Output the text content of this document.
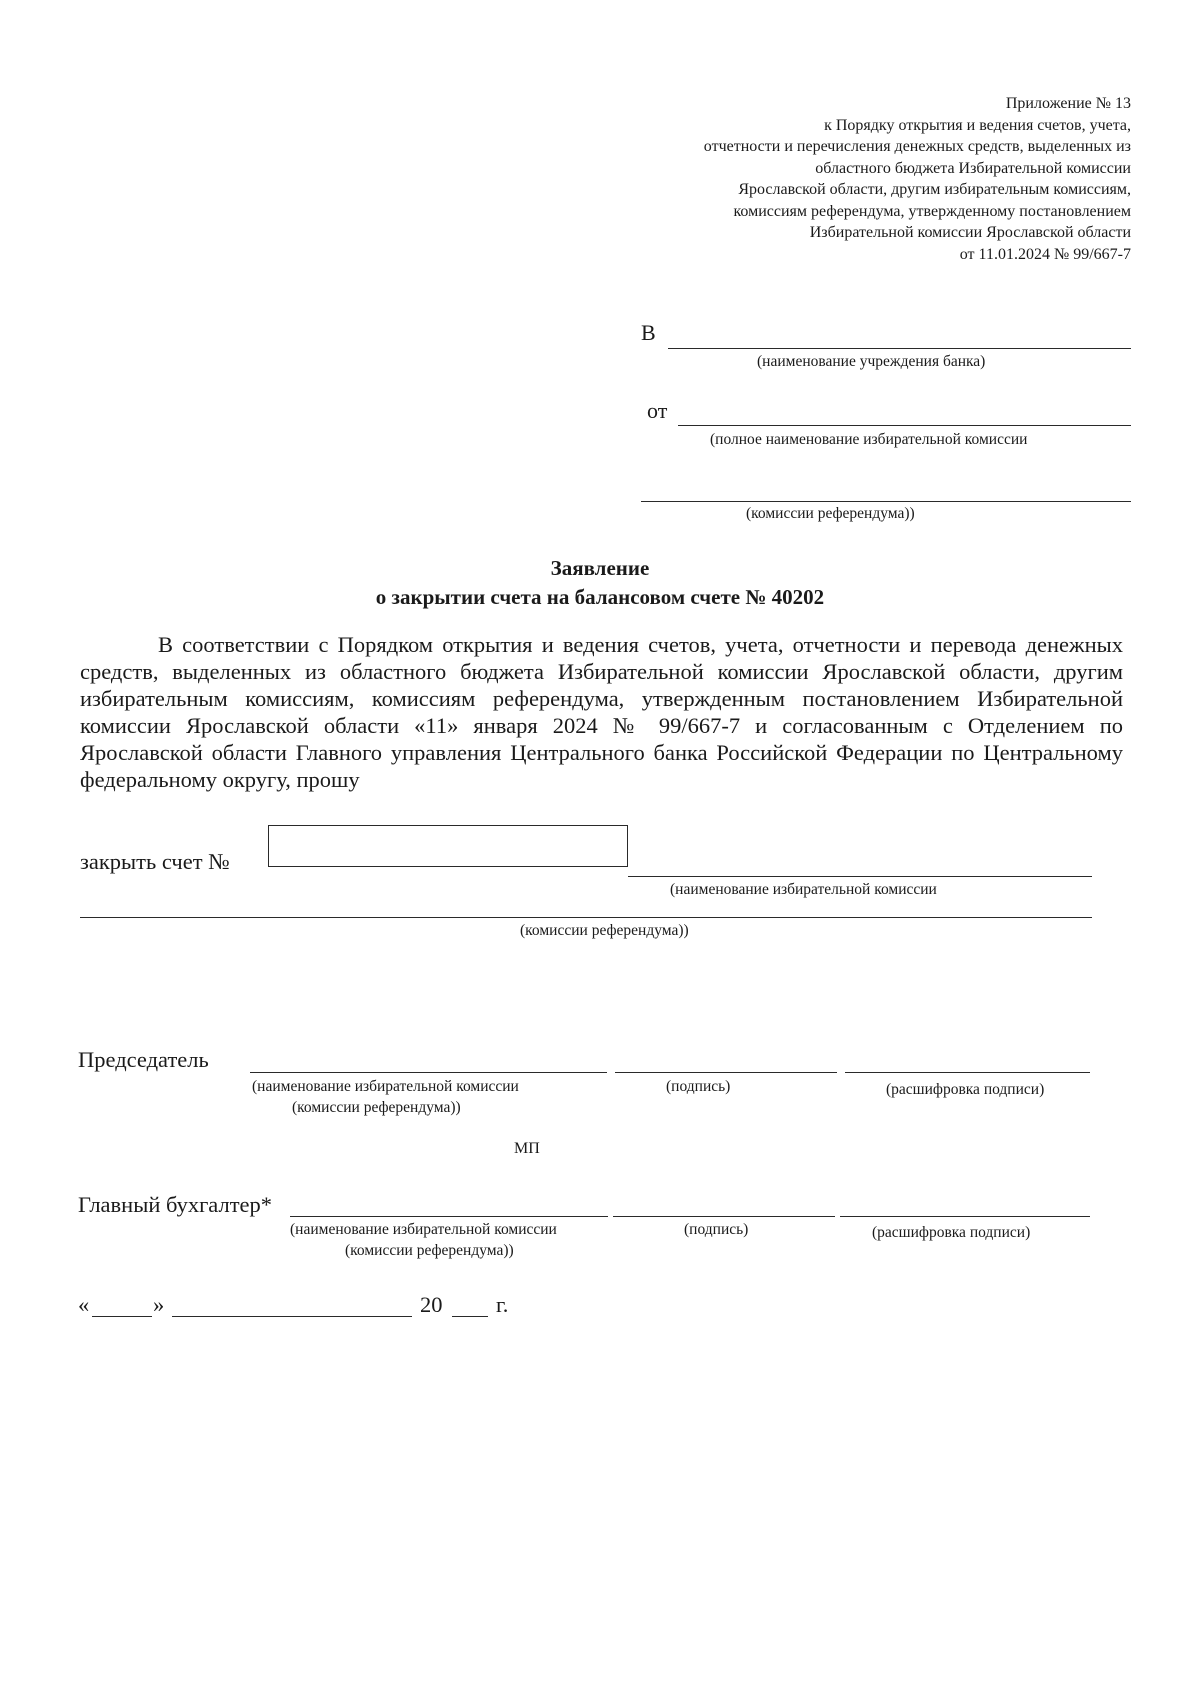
Приложение № 13
к Порядку открытия и ведения счетов, учета,
отчетности и перечисления денежных средств, выделенных из
областного бюджета Избирательной комиссии
Ярославской области, другим избирательным комиссиям,
комиссиям референдума, утвержденному постановлением
Избирательной комиссии Ярославской области
от 11.01.2024 № 99/667-7
В
(наименование учреждения банка)
от
(полное наименование избирательной комиссии
(комиссии референдума))
Заявление
о закрытии счета на балансовом счете № 40202
В соответствии с Порядком открытия и ведения счетов, учета, отчетности и перевода денежных средств, выделенных из областного бюджета Избирательной комиссии Ярославской области, другим избирательным комиссиям, комиссиям референдума, утвержденным постановлением Избирательной комиссии Ярославской области «11» января 2024 № 99/667-7 и согласованным с Отделением по Ярославской области Главного управления Центрального банка Российской Федерации по Центральному федеральному округу, прошу
закрыть счет №
(наименование избирательной комиссии
(комиссии референдума))
Председатель
(наименование избирательной комиссии
(комиссии референдума))
(подпись)	(расшифровка подписи)
МП
Главный бухгалтер*
(наименование избирательной комиссии
(комиссии референдума))
(подпись)	(расшифровка подписи)
«	»	20 г.
